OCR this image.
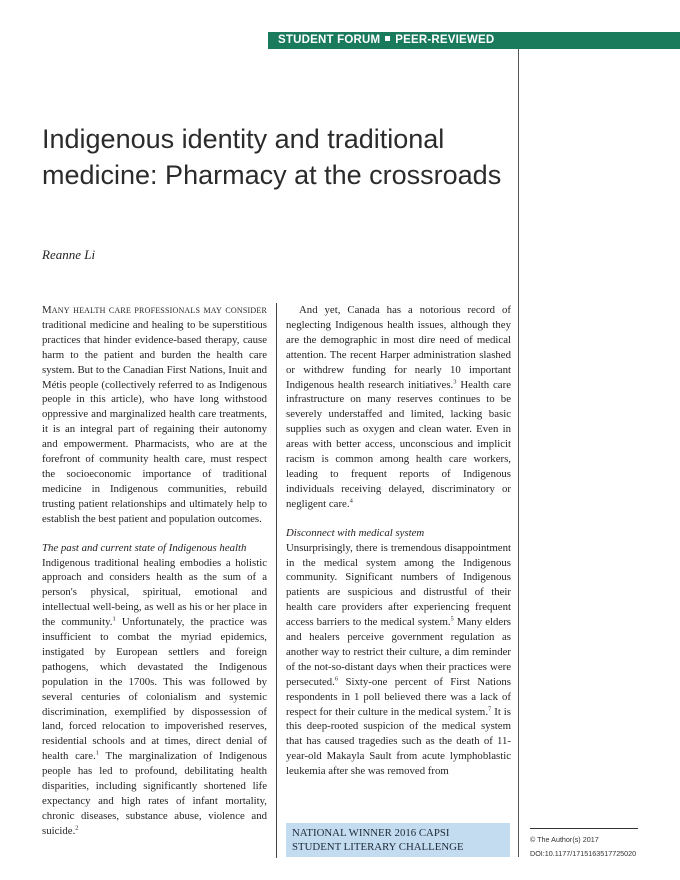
STUDENT FORUM PEER-REVIEWED
Indigenous identity and traditional medicine: Pharmacy at the crossroads
Reanne Li

Many health care professionals may consider traditional medicine and healing to be superstitious practices that hinder evidence-based therapy, cause harm to the patient and burden the health care system. But to the Canadian First Nations, Inuit and Métis people (collectively referred to as Indigenous people in this article), who have long withstood oppressive and marginalized health care treatments, it is an integral part of regaining their autonomy and empowerment. Pharmacists, who are at the forefront of community health care, must respect the socioeconomic importance of traditional medicine in Indigenous communities, rebuild trusting patient relationships and ultimately help to establish the best patient and population outcomes.

The past and current state of Indigenous health

Indigenous traditional healing embodies a holistic approach and considers health as the sum of a person's physical, spiritual, emotional and intellectual well-being, as well as his or her place in the community.$^1$ Unfortunately, the practice was insufficient to combat the myriad epidemics, instigated by European settlers and foreign pathogens, which devastated the Indigenous population in the 1700s. This was followed by several centuries of colonialism and systemic discrimination, exemplified by dispossession of land, forced relocation to impoverished reserves, residential schools and at times, direct denial of health care.$^1$ The marginalization of Indigenous people has led to profound, debilitating health disparities, including significantly shortened life expectancy and high rates of infant mortality, chronic diseases, substance abuse, violence and suicide.$^2$

And yet, Canada has a notorious record of neglecting Indigenous health issues, although they are the demographic in most dire need of medical attention. The recent Harper administration slashed or withdrew funding for nearly 10 important Indigenous health research initiatives.$^3$ Health care infrastructure on many reserves continues to be severely understaffed and limited, lacking basic supplies such as oxygen and clean water. Even in areas with better access, unconscious and implicit racism is common among health care workers, leading to frequent reports of Indigenous individuals receiving delayed, discriminatory or negligent care.$^4$

Disconnect with medical system

Unsurprisingly, there is tremendous disappointment in the medical system among the Indigenous community. Significant numbers of Indigenous patients are suspicious and distrustful of their health care providers after experiencing frequent access barriers to the medical system.$^5$ Many elders and healers perceive government regulation as another way to restrict their culture, a dim reminder of the not-so-distant days when their practices were persecuted.$^6$ Sixty-one percent of First Nations respondents in 1 poll believed there was a lack of respect for their culture in the medical system.$^7$ It is this deep-rooted suspicion of the medical system that has caused tragedies such as the death of 11-year-old Makayla Sault from acute lymphoblastic leukemia after she was removed from

NATIONAL WINNER 2016 CAPSI
STUDENT LITERARY CHALLENGE
© The Author(s) 2017
DOI:10.1177/1715163517725020
